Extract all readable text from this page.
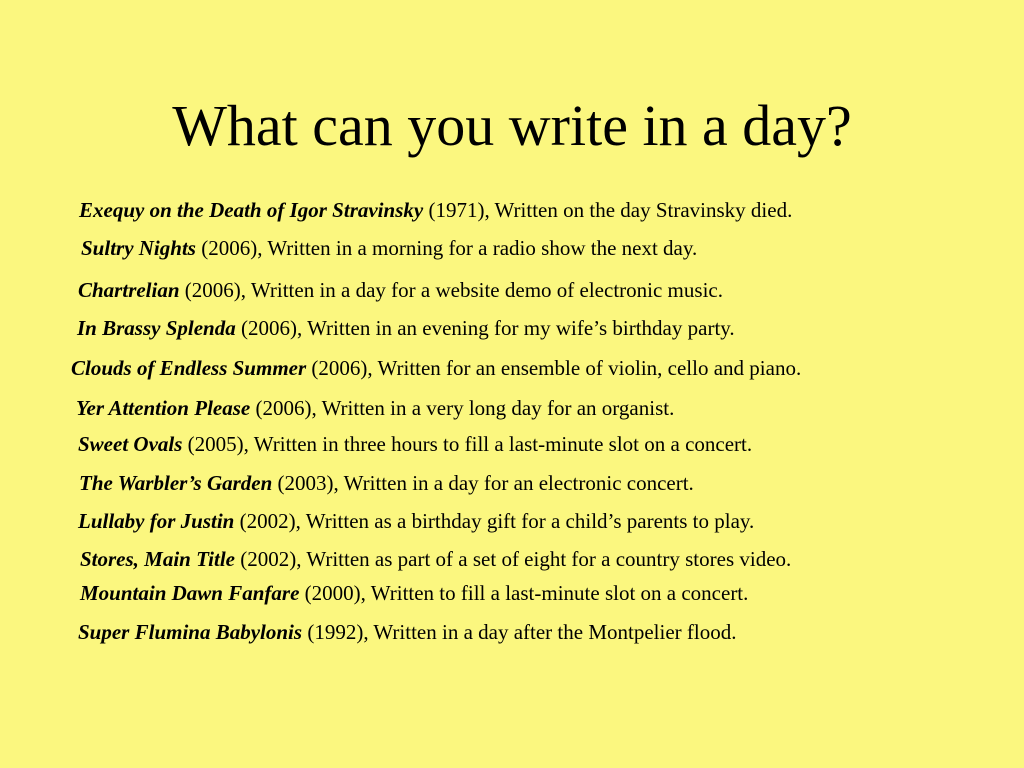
What can you write in a day?
Exequy on the Death of Igor Stravinsky (1971), Written on the day Stravinsky died.
Sultry Nights (2006), Written in a morning for a radio show the next day.
Chartrelian (2006), Written in a day for a website demo of electronic music.
In Brassy Splenda (2006), Written in an evening for my wife’s birthday party.
Clouds of Endless Summer (2006), Written for an ensemble of violin, cello and piano.
Yer Attention Please (2006), Written in a very long day for an organist.
Sweet Ovals (2005), Written in three hours to fill a last-minute slot on a concert.
The Warbler’s Garden (2003), Written in a day for an electronic concert.
Lullaby for Justin (2002), Written as a birthday gift for a child’s parents to play.
Stores, Main Title (2002), Written as part of a set of eight for a country stores video.
Mountain Dawn Fanfare (2000), Written to fill a last-minute slot on a concert.
Super Flumina Babylonis (1992), Written in a day after the Montpelier flood.
